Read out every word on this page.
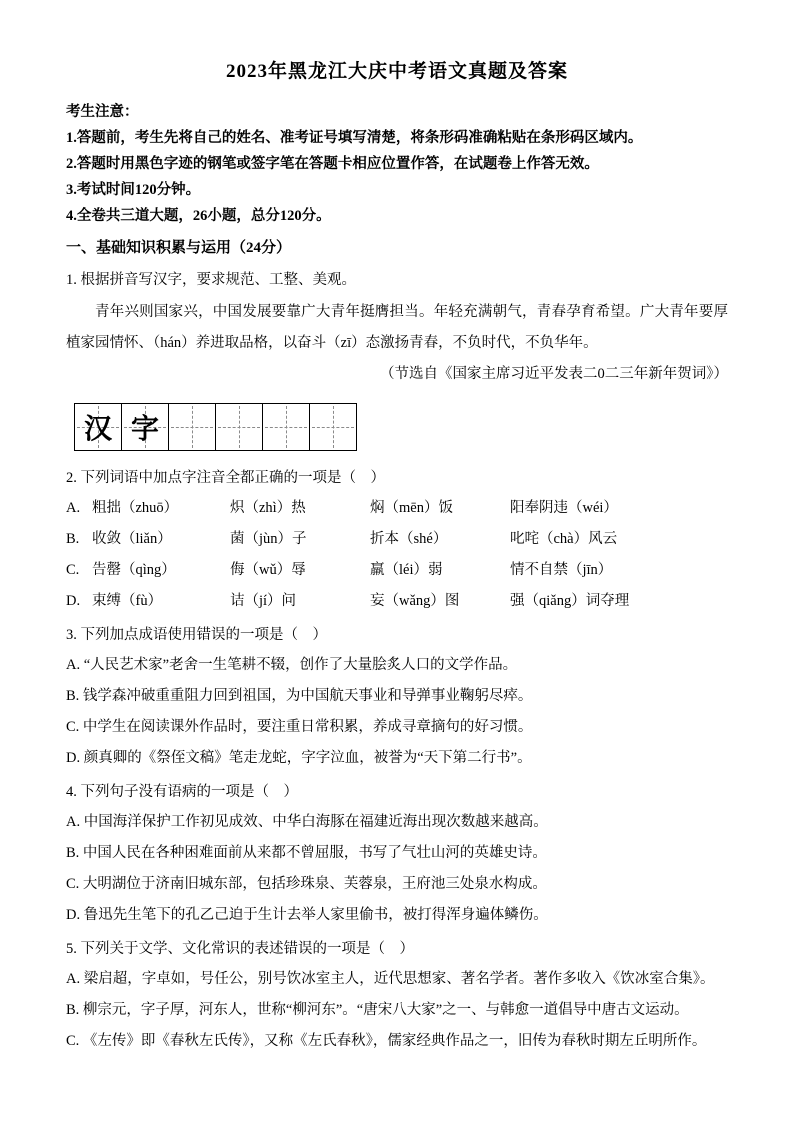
2023年黑龙江大庆中考语文真题及答案

考生注意：

1.答题前，考生先将自己的姓名、准考证号填写清楚，将条形码准确粘贴在条形码区域内。

2.答题时用黑色字迹的钢笔或签字笔在答题卡相应位置作答，在试题卷上作答无效。

3.考试时间120分钟。

4.全卷共三道大题，26小题，总分120分。

一、基础知识积累与运用（24分）

1. 根据拼音写汉字，要求规范、工整、美观。

青年兴则国家兴，中国发展要靠广大青年挺膺担当。年轻充满朝气，青春孕育希望。广大青年要厚植家园情怀、（hán）养进取品格，以奋斗（zī）态激扬青春，不负时代，不负华年。

（节选自《国家主席习近平发表二0二三年新年贺词》）

汉 字

2. 下列词语中加点字注音全都正确的一项是（　）

A. 粗拙（zhuō）	炽（zhì）热	焖（mēn）饭	阳奉阴违（wéi）
B. 收敛（liǎn）	菌（jùn）子	折本（shé）	叱咤（chà）风云
C. 告罄（qìng）	侮（wǔ）辱	羸（léi）弱	情不自禁（jīn）
D. 束缚（fù）	诘（jí）问	妄（wǎng）图	强（qiǎng）词夺理

3. 下列加点成语使用错误的一项是（　）

A. “人民艺术家”老舍一生笔耕不辍，创作了大量脍炙人口的文学作品。

B. 钱学森冲破重重阻力回到祖国，为中国航天事业和导弹事业鞠躬尽瘁。

C. 中学生在阅读课外作品时，要注重日常积累，养成寻章摘句的好习惯。

D. 颜真卿的《祭侄文稿》笔走龙蛇，字字泣血，被誉为“天下第二行书”。

4. 下列句子没有语病的一项是（　）

A. 中国海洋保护工作初见成效、中华白海豚在福建近海出现次数越来越高。

B. 中国人民在各种困难面前从来都不曾屈服，书写了气壮山河的英雄史诗。

C. 大明湖位于济南旧城东部，包括珍珠泉、芙蓉泉，王府池三处泉水构成。

D. 鲁迅先生笔下的孔乙己迫于生计去举人家里偷书，被打得浑身遍体鳞伤。

5. 下列关于文学、文化常识的表述错误的一项是（　）

A. 梁启超，字卓如，号任公，别号饮冰室主人，近代思想家、著名学者。著作多收入《饮冰室合集》。

B. 柳宗元，字子厚，河东人，世称“柳河东”。“唐宋八大家”之一、与韩愈一道倡导中唐古文运动。

C. 《左传》即《春秋左氏传》，又称《左氏春秋》，儒家经典作品之一，旧传为春秋时期左丘明所作。
